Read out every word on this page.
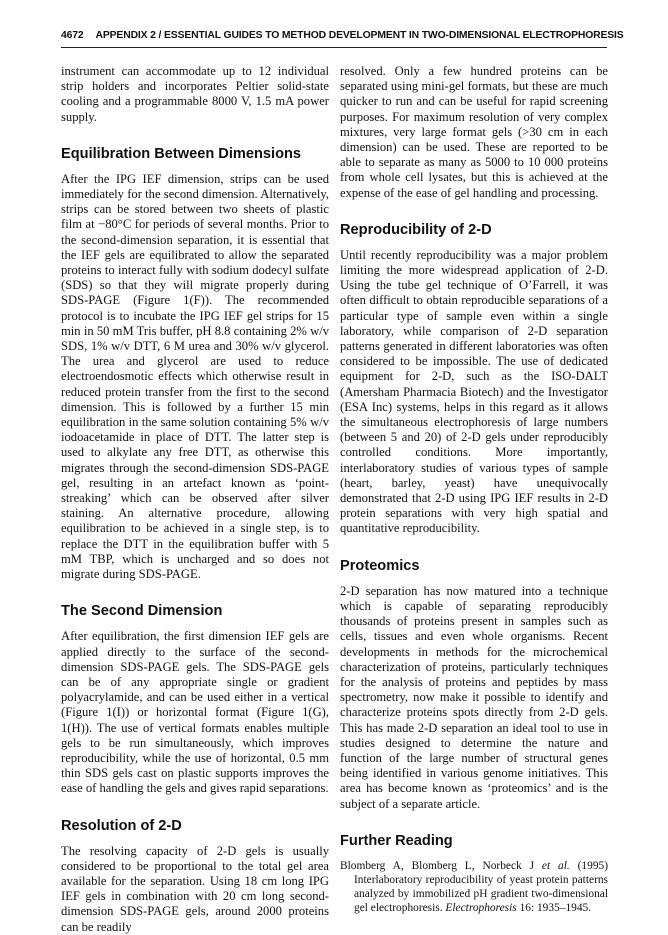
4672 APPENDIX 2 / ESSENTIAL GUIDES TO METHOD DEVELOPMENT IN TWO-DIMENSIONAL ELECTROPHORESIS

instrument can accommodate up to 12 individual strip holders and incorporates Peltier solid-state cooling and a programmable 8000 V, 1.5 mA power supply.

Equilibration Between Dimensions

After the IPG IEF dimension, strips can be used immediately for the second dimension. Alternatively, strips can be stored between two sheets of plastic film at −80°C for periods of several months. Prior to the second-dimension separation, it is essential that the IEF gels are equilibrated to allow the separated proteins to interact fully with sodium dodecyl sulfate (SDS) so that they will migrate properly during SDS-PAGE (Figure 1(F)). The recommended protocol is to incubate the IPG IEF gel strips for 15 min in 50 mM Tris buffer, pH 8.8 containing 2% w/v SDS, 1% w/v DTT, 6 M urea and 30% w/v glycerol. The urea and glycerol are used to reduce electroendosmotic effects which otherwise result in reduced protein transfer from the first to the second dimension. This is followed by a further 15 min equilibration in the same solution containing 5% w/v iodoacetamide in place of DTT. The latter step is used to alkylate any free DTT, as otherwise this migrates through the second-dimension SDS-PAGE gel, resulting in an artefact known as ‘point-streaking’ which can be observed after silver staining. An alternative procedure, allowing equilibration to be achieved in a single step, is to replace the DTT in the equilibration buffer with 5 mM TBP, which is uncharged and so does not migrate during SDS-PAGE.

The Second Dimension

After equilibration, the first dimension IEF gels are applied directly to the surface of the second-dimension SDS-PAGE gels. The SDS-PAGE gels can be of any appropriate single or gradient polyacrylamide, and can be used either in a vertical (Figure 1(I)) or horizontal format (Figure 1(G), 1(H)). The use of vertical formats enables multiple gels to be run simultaneously, which improves reproducibility, while the use of horizontal, 0.5 mm thin SDS gels cast on plastic supports improves the ease of handling the gels and gives rapid separations.

Resolution of 2-D

The resolving capacity of 2-D gels is usually considered to be proportional to the total gel area available for the separation. Using 18 cm long IPG IEF gels in combination with 20 cm long second-dimension SDS-PAGE gels, around 2000 proteins can be readily

resolved. Only a few hundred proteins can be separated using mini-gel formats, but these are much quicker to run and can be useful for rapid screening purposes. For maximum resolution of very complex mixtures, very large format gels (>30 cm in each dimension) can be used. These are reported to be able to separate as many as 5000 to 10 000 proteins from whole cell lysates, but this is achieved at the expense of the ease of gel handling and processing.

Reproducibility of 2-D

Until recently reproducibility was a major problem limiting the more widespread application of 2-D. Using the tube gel technique of O’Farrell, it was often difficult to obtain reproducible separations of a particular type of sample even within a single laboratory, while comparison of 2-D separation patterns generated in different laboratories was often considered to be impossible. The use of dedicated equipment for 2-D, such as the ISO-DALT (Amersham Pharmacia Biotech) and the Investigator (ESA Inc) systems, helps in this regard as it allows the simultaneous electrophoresis of large numbers (between 5 and 20) of 2-D gels under reproducibly controlled conditions. More importantly, interlaboratory studies of various types of sample (heart, barley, yeast) have unequivocally demonstrated that 2-D using IPG IEF results in 2-D protein separations with very high spatial and quantitative reproducibility.

Proteomics

2-D separation has now matured into a technique which is capable of separating reproducibly thousands of proteins present in samples such as cells, tissues and even whole organisms. Recent developments in methods for the microchemical characterization of proteins, particularly techniques for the analysis of proteins and peptides by mass spectrometry, now make it possible to identify and characterize proteins spots directly from 2-D gels. This has made 2-D separation an ideal tool to use in studies designed to determine the nature and function of the large number of structural genes being identified in various genome initiatives. This area has become known as ‘proteomics’ and is the subject of a separate article.

Further Reading

Blomberg A, Blomberg L, Norbeck J et al. (1995) Interlaboratory reproducibility of yeast protein patterns analyzed by immobilized pH gradient two-dimensional gel electrophoresis. Electrophoresis 16: 1935–1945.
